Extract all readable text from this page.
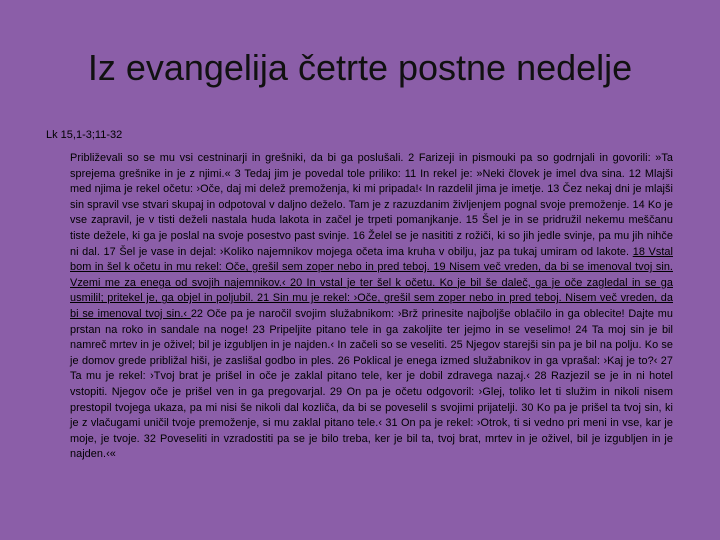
Iz evangelija četrte postne nedelje
Lk 15,1-3;11-32
Približevali so se mu vsi cestninarji in grešniki, da bi ga poslušali. 2 Farizeji in pismouki pa so godrnjali in govorili: »Ta sprejema grešnike in je z njimi.« 3 Tedaj jim je povedal tole priliko: 11 In rekel je: »Neki človek je imel dva sina. 12 Mlajši med njima je rekel očetu: ›Oče, daj mi delež premoženja, ki mi pripada!‹ In razdelil jima je imetje. 13 Čez nekaj dni je mlajši sin spravil vse stvari skupaj in odpotoval v daljno deželo. Tam je z razuzdanim življenjem pognal svoje premoženje. 14 Ko je vse zapravil, je v tisti deželi nastala huda lakota in začel je trpeti pomanjkanje. 15 Šel je in se pridružil nekemu meščanu tiste dežele, ki ga je poslal na svoje posestvo past svinje. 16 Želel se je nasititi z rožiči, ki so jih jedle svinje, pa mu jih nihče ni dal. 17 Šel je vase in dejal: ›Koliko najemnikov mojega očeta ima kruha v obilju, jaz pa tukaj umiram od lakote. 18 Vstal bom in šel k očetu in mu rekel: Oče, grešil sem zoper nebo in pred teboj. 19 Nisem več vreden, da bi se imenoval tvoj sin. Vzemi me za enega od svojih najemnikov.‹ 20 In vstal je ter šel k očetu. Ko je bil še daleč, ga je oče zagledal in se ga usmilil; pritekel je, ga objel in poljubil. 21 Sin mu je rekel: ›Oče, grešil sem zoper nebo in pred teboj. Nisem več vreden, da bi se imenoval tvoj sin.‹ 22 Oče pa je naročil svojim služabnikom: ›Brž prinesite najboljše oblačilo in ga oblecite! Dajte mu prstan na roko in sandale na noge! 23 Pripeljite pitano tele in ga zakoljite ter jejmo in se veselimo! 24 Ta moj sin je bil namreč mrtev in je oživel; bil je izgubljen in je najden.‹ In začeli so se veseliti. 25 Njegov starejši sin pa je bil na polju. Ko se je domov grede približal hiši, je zaslišal godbo in ples. 26 Poklical je enega izmed služabnikov in ga vprašal: ›Kaj je to?‹ 27 Ta mu je rekel: ›Tvoj brat je prišel in oče je zaklal pitano tele, ker je dobil zdravega nazaj.‹ 28 Razjezil se je in ni hotel vstopiti. Njegov oče je prišel ven in ga pregovarjal. 29 On pa je očetu odgovoril: ›Glej, toliko let ti služim in nikoli nisem prestopil tvojega ukaza, pa mi nisi še nikoli dal kozliča, da bi se poveselil s svojimi prijatelji. 30 Ko pa je prišel ta tvoj sin, ki je z vlačugami uničil tvoje premoženje, si mu zaklal pitano tele.‹ 31 On pa je rekel: ›Otrok, ti si vedno pri meni in vse, kar je moje, je tvoje. 32 Poveseliti in vzradostiti pa se je bilo treba, ker je bil ta, tvoj brat, mrtev in je oživel, bil je izgubljen in je najden.‹«
